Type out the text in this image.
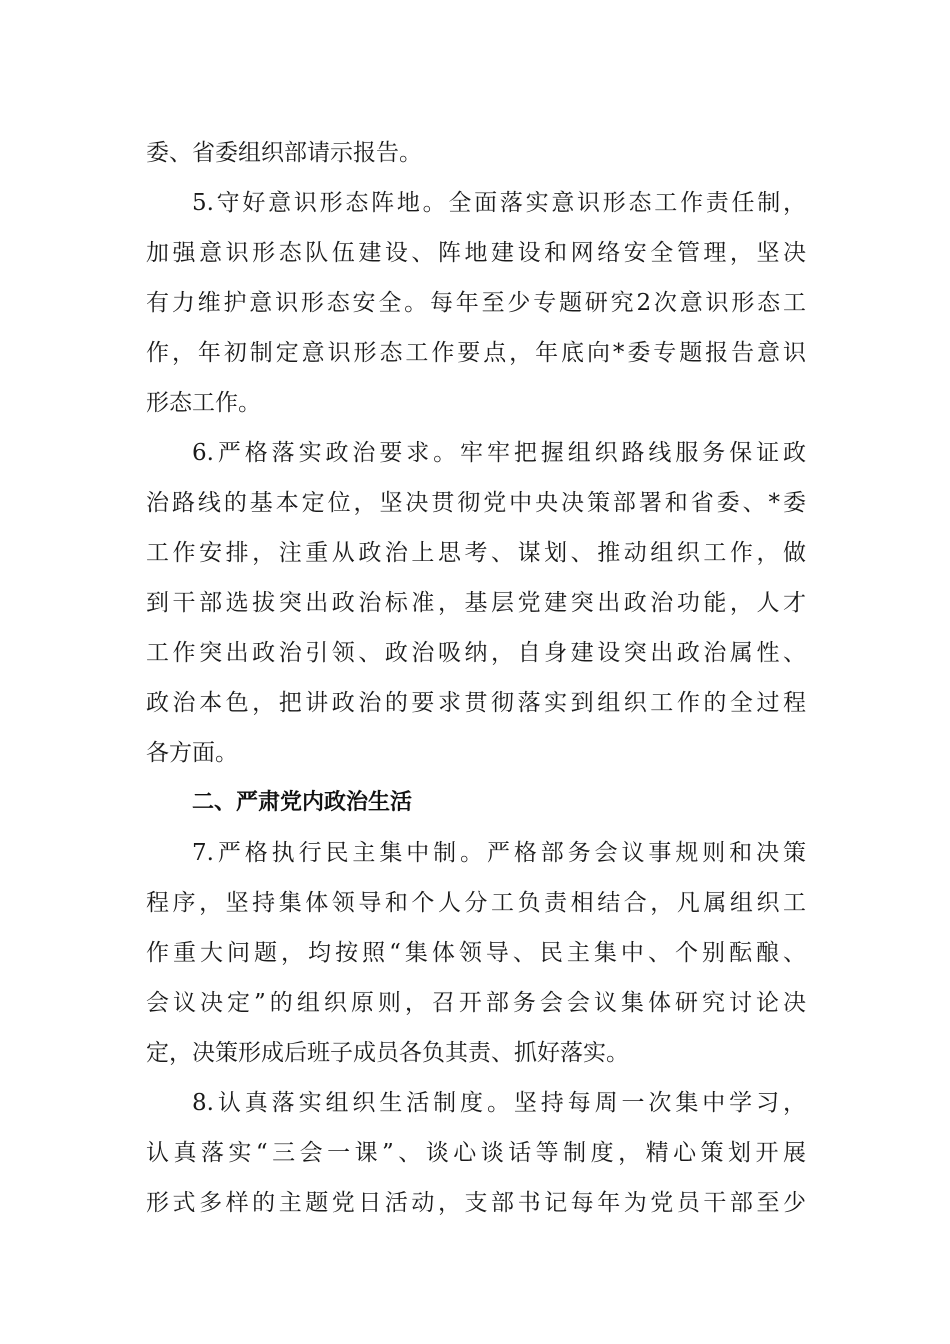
委、省委组织部请示报告。
5.守好意识形态阵地。全面落实意识形态工作责任制，
加强意识形态队伍建设、阵地建设和网络安全管理，坚决
有力维护意识形态安全。每年至少专题研究2次意识形态工
作，年初制定意识形态工作要点，年底向*委专题报告意识
形态工作。
6.严格落实政治要求。牢牢把握组织路线服务保证政
治路线的基本定位，坚决贯彻党中央决策部署和省委、*委
工作安排，注重从政治上思考、谋划、推动组织工作，做
到干部选拔突出政治标准，基层党建突出政治功能，人才
工作突出政治引领、政治吸纳，自身建设突出政治属性、
政治本色，把讲政治的要求贯彻落实到组织工作的全过程
各方面。
二、严肃党内政治生活
7.严格执行民主集中制。严格部务会议事规则和决策
程序，坚持集体领导和个人分工负责相结合，凡属组织工
作重大问题，均按照“集体领导、民主集中、个别酝酿、
会议决定”的组织原则，召开部务会会议集体研究讨论决
定，决策形成后班子成员各负其责、抓好落实。
8.认真落实组织生活制度。坚持每周一次集中学习，
认真落实“三会一课”、谈心谈话等制度，精心策划开展
形式多样的主题党日活动，支部书记每年为党员干部至少
